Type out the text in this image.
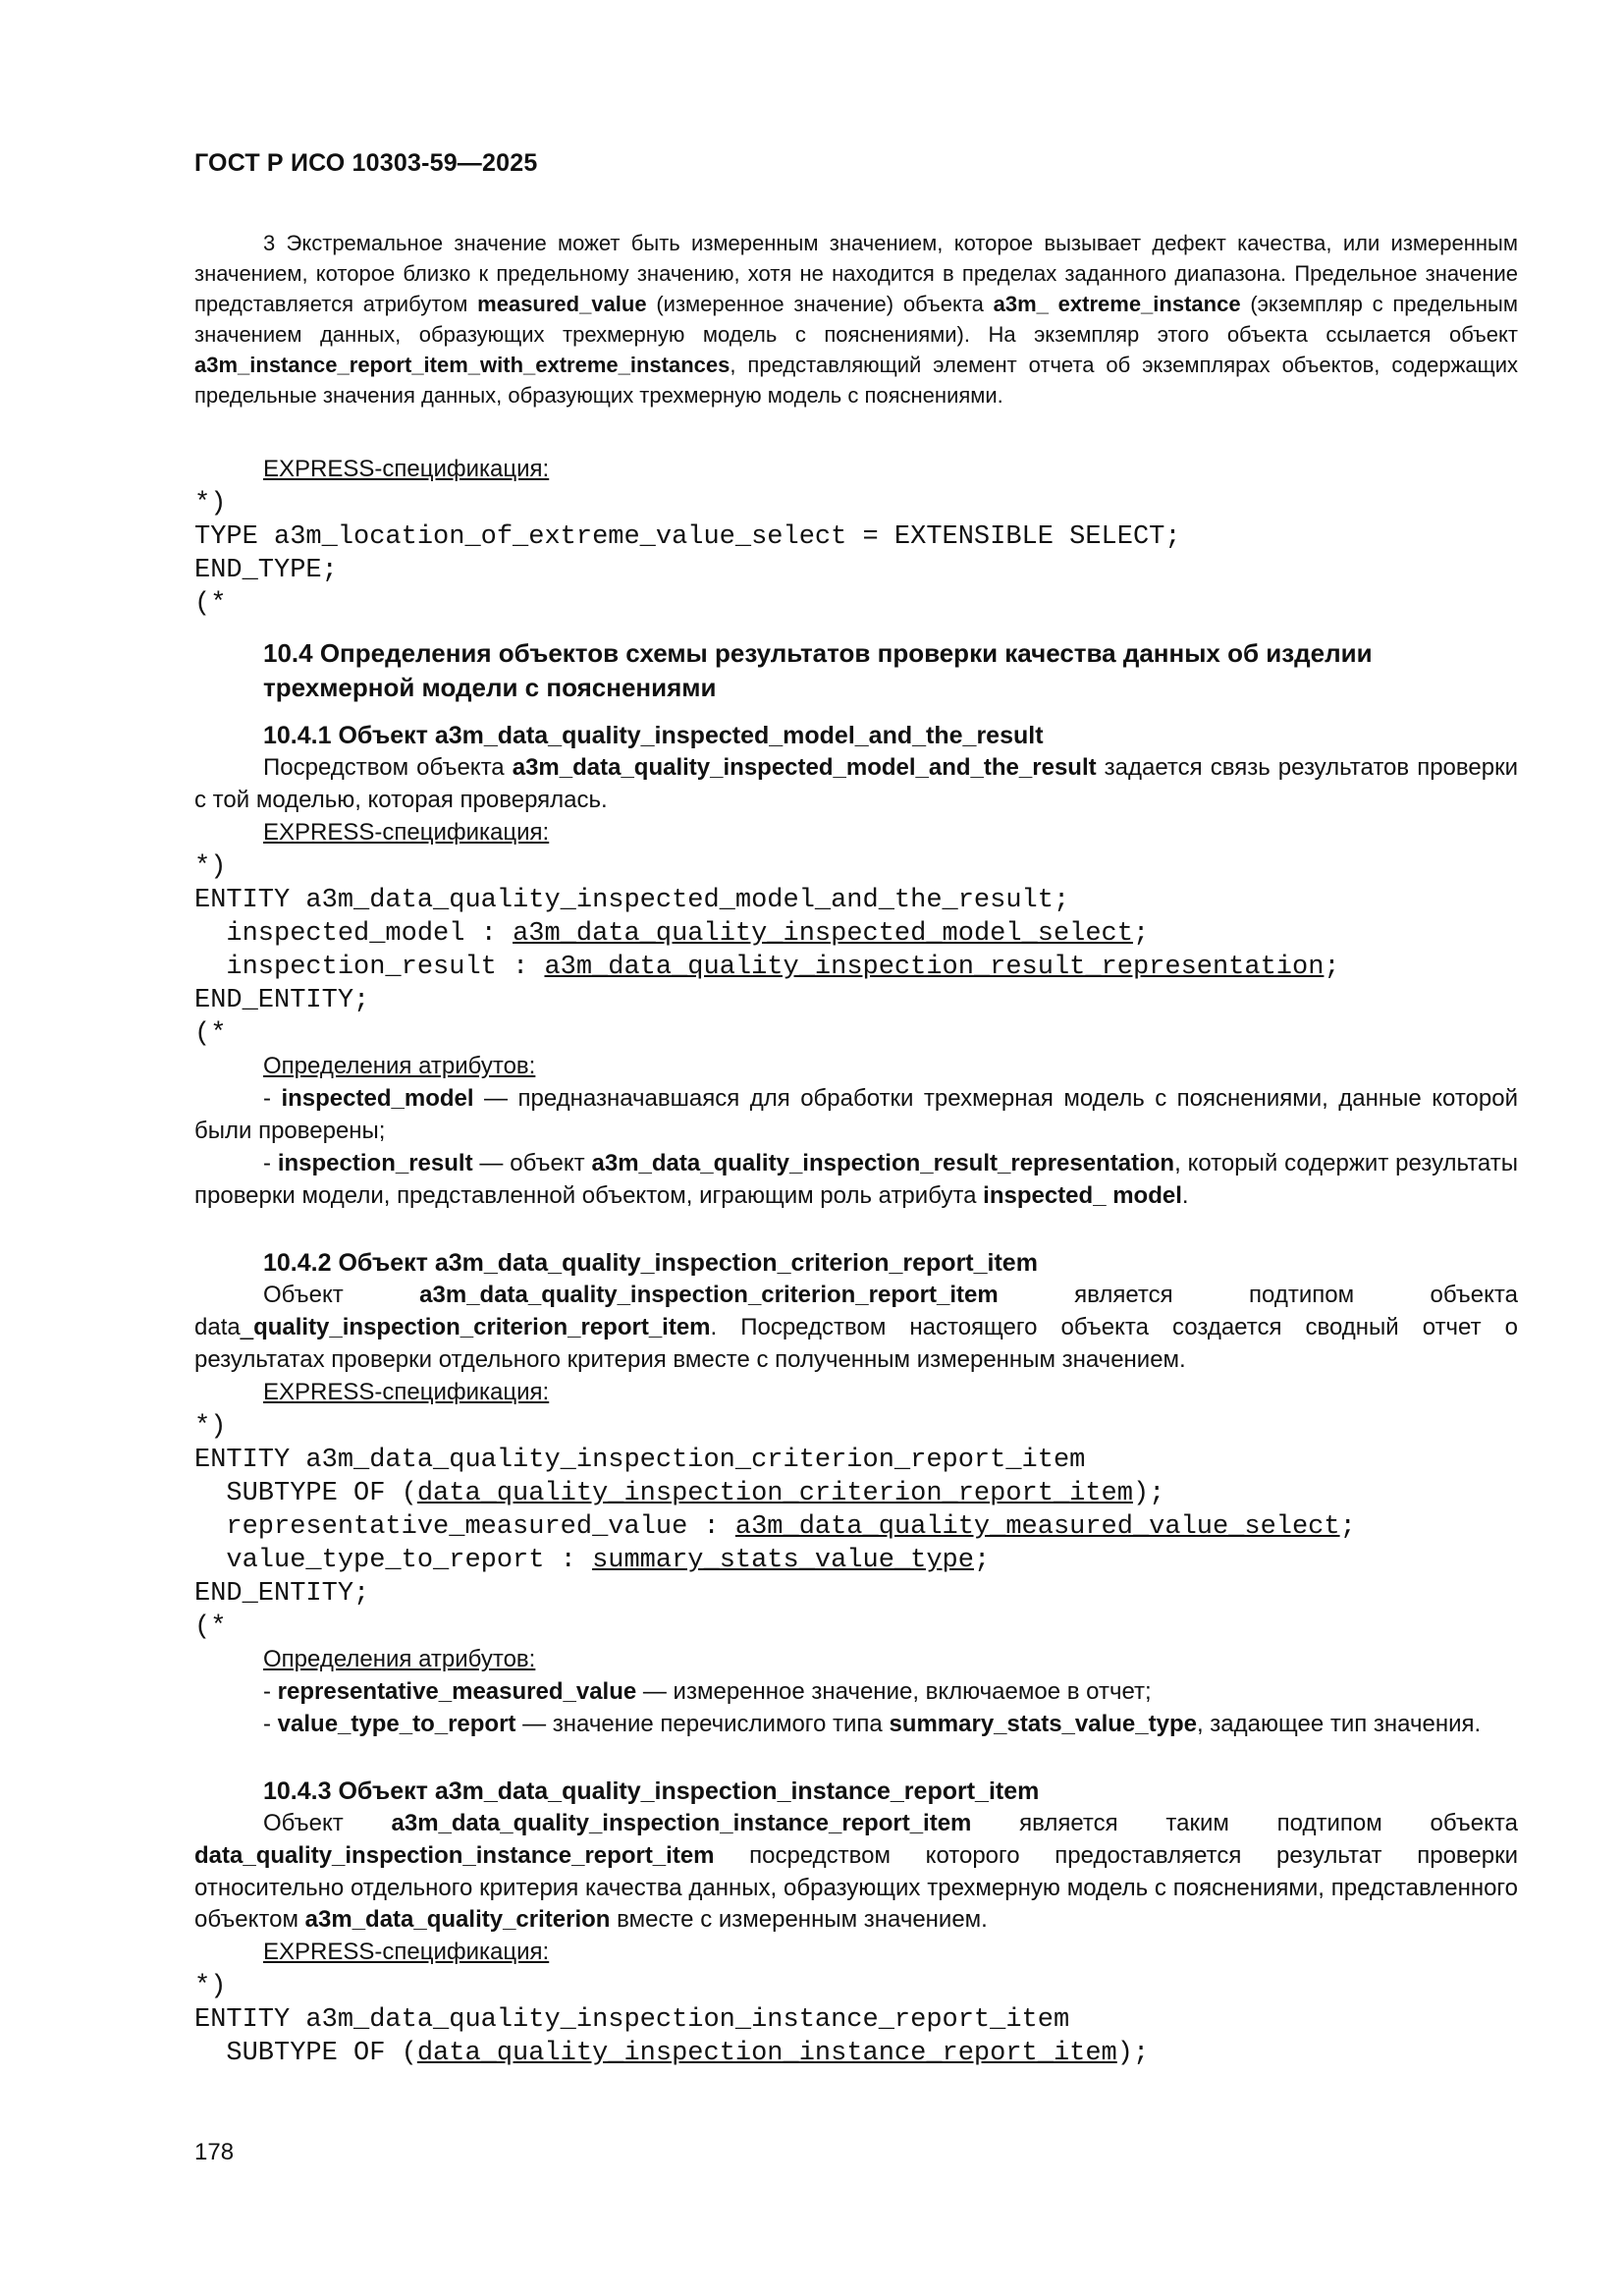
ГОСТ Р ИСО 10303-59—2025
3 Экстремальное значение может быть измеренным значением, которое вызывает дефект качества, или измеренным значением, которое близко к предельному значению, хотя не находится в пределах заданного диапазона. Предельное значение представляется атрибутом measured_value (измеренное значение) объекта a3m_ extreme_instance (экземпляр с предельным значением данных, образующих трехмерную модель с пояснениями). На экземпляр этого объекта ссылается объект a3m_instance_report_item_with_extreme_instances, представляющий элемент отчета об экземплярах объектов, содержащих предельные значения данных, образующих трехмерную модель с пояснениями.
EXPRESS-спецификация:
*)
TYPE a3m_location_of_extreme_value_select = EXTENSIBLE SELECT;
END_TYPE;
(*
10.4 Определения объектов схемы результатов проверки качества данных об изделии трехмерной модели с пояснениями
10.4.1 Объект a3m_data_quality_inspected_model_and_the_result
Посредством объекта a3m_data_quality_inspected_model_and_the_result задается связь результатов проверки с той моделью, которая проверялась.
EXPRESS-спецификация:
*)
ENTITY a3m_data_quality_inspected_model_and_the_result;
inspected_model : a3m_data_quality_inspected_model_select;
inspection_result : a3m_data_quality_inspection_result_representation;
END_ENTITY;
(*
Определения атрибутов:
- inspected_model — предназначавшаяся для обработки трехмерная модель с пояснениями, данные которой были проверены;
- inspection_result — объект a3m_data_quality_inspection_result_representation, который содержит результаты проверки модели, представленной объектом, играющим роль атрибута inspected_ model.
10.4.2 Объект a3m_data_quality_inspection_criterion_report_item
Объект a3m_data_quality_inspection_criterion_report_item является подтипом объекта data_quality_inspection_criterion_report_item. Посредством настоящего объекта создается сводный отчет о результатах проверки отдельного критерия вместе с полученным измеренным значением.
EXPRESS-спецификация:
*)
ENTITY a3m_data_quality_inspection_criterion_report_item
SUBTYPE OF (data_quality_inspection_criterion_report_item);
representative_measured_value : a3m_data_quality_measured_value_select;
value_type_to_report : summary_stats_value_type;
END_ENTITY;
(*
Определения атрибутов:
- representative_measured_value — измеренное значение, включаемое в отчет;
- value_type_to_report — значение перечислимого типа summary_stats_value_type, задающее тип значения.
10.4.3 Объект a3m_data_quality_inspection_instance_report_item
Объект a3m_data_quality_inspection_instance_report_item является таким подтипом объекта data_quality_inspection_instance_report_item посредством которого предоставляется результат проверки относительно отдельного критерия качества данных, образующих трехмерную модель с пояснениями, представленного объектом a3m_data_quality_criterion вместе с измеренным значением.
EXPRESS-спецификация:
*)
ENTITY a3m_data_quality_inspection_instance_report_item
SUBTYPE OF (data_quality_inspection_instance_report_item);
178
